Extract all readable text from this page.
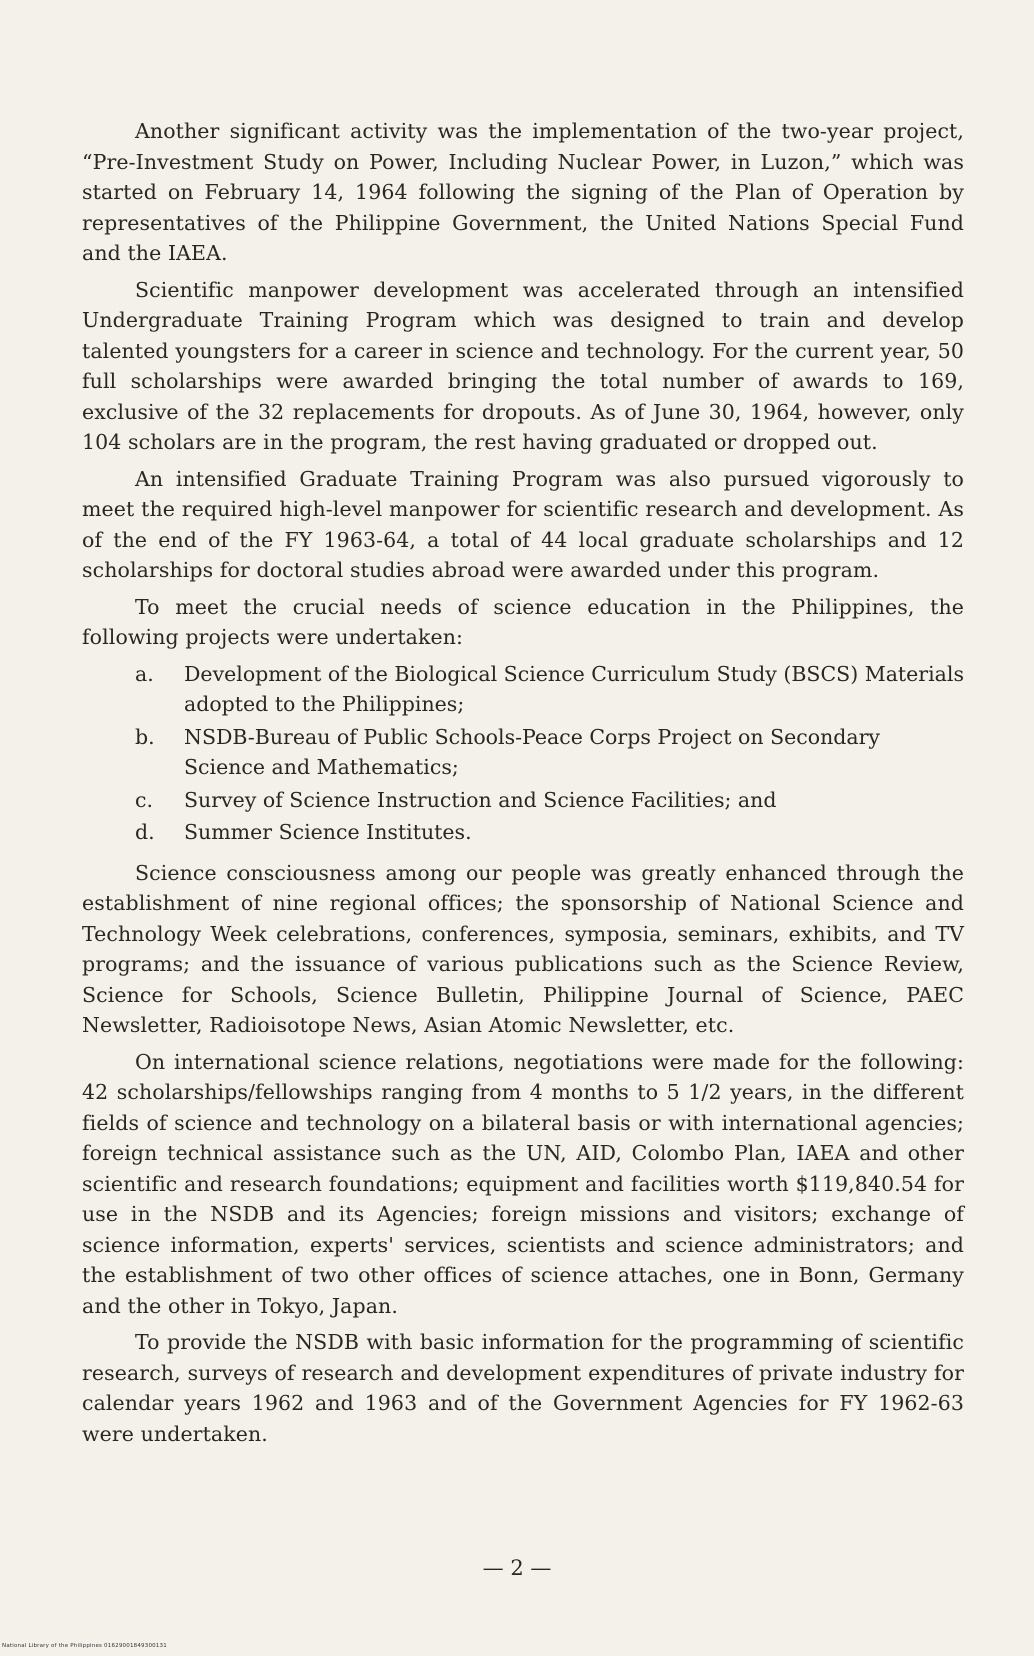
Another significant activity was the implementation of the two-year project, “Pre-Investment Study on Power, Including Nuclear Power, in Luzon,” which was started on February 14, 1964 following the signing of the Plan of Operation by representatives of the Philippine Government, the United Nations Special Fund and the IAEA.

Scientific manpower development was accelerated through an intensified Undergraduate Training Program which was designed to train and develop talented youngsters for a career in science and technology. For the current year, 50 full scholarships were awarded bringing the total number of awards to 169, exclusive of the 32 replacements for dropouts. As of June 30, 1964, however, only 104 scholars are in the program, the rest having graduated or dropped out.

An intensified Graduate Training Program was also pursued vigorously to meet the required high-level manpower for scientific research and development. As of the end of the FY 1963-64, a total of 44 local graduate scholarships and 12 scholarships for doctoral studies abroad were awarded under this program.

To meet the crucial needs of science education in the Philippines, the following projects were undertaken:

a. Development of the Biological Science Curriculum Study (BSCS) Materials adopted to the Philippines;
b. NSDB-Bureau of Public Schools-Peace Corps Project on Secondary Science and Mathematics;
c. Survey of Science Instruction and Science Facilities; and
d. Summer Science Institutes.

Science consciousness among our people was greatly enhanced through the establishment of nine regional offices; the sponsorship of National Science and Technology Week celebrations, conferences, symposia, seminars, exhibits, and TV programs; and the issuance of various publications such as the Science Review, Science for Schools, Science Bulletin, Philippine Journal of Science, PAEC Newsletter, Radioisotope News, Asian Atomic Newsletter, etc.

On international science relations, negotiations were made for the following: 42 scholarships/fellowships ranging from 4 months to 5 1/2 years, in the different fields of science and technology on a bilateral basis or with international agencies; foreign technical assistance such as the UN, AID, Colombo Plan, IAEA and other scientific and research foundations; equipment and facilities worth $119,840.54 for use in the NSDB and its Agencies; foreign missions and visitors; exchange of science information, experts' services, scientists and science administrators; and the establishment of two other offices of science attaches, one in Bonn, Germany and the other in Tokyo, Japan.

To provide the NSDB with basic information for the programming of scientific research, surveys of research and development expenditures of private industry for calendar years 1962 and 1963 and of the Government Agencies for FY 1962-63 were undertaken.

— 2 —
National Library of the Philippines 01629001849300131
